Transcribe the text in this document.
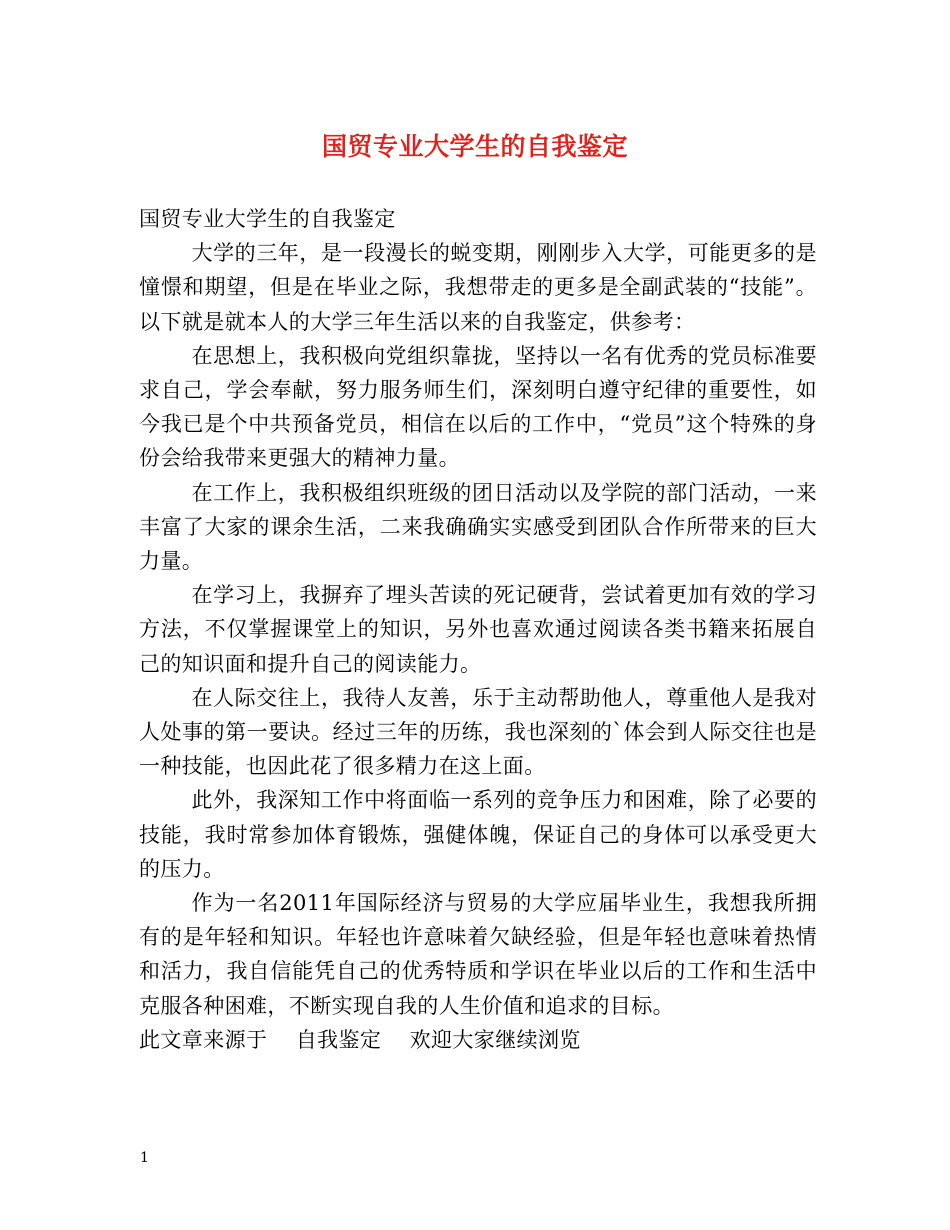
国贸专业大学生的自我鉴定

国贸专业大学生的自我鉴定

大学的三年，是一段漫长的蜕变期，刚刚步入大学，可能更多的是憧憬和期望，但是在毕业之际，我想带走的更多是全副武装的“技能”。以下就是就本人的大学三年生活以来的自我鉴定，供参考：

在思想上，我积极向党组织靠拢，坚持以一名有优秀的党员标准要求自己，学会奉献，努力服务师生们，深刻明白遵守纪律的重要性，如今我已是个中共预备党员，相信在以后的工作中，“党员”这个特殊的身份会给我带来更强大的精神力量。

在工作上，我积极组织班级的团日活动以及学院的部门活动，一来丰富了大家的课余生活，二来我确确实实感受到团队合作所带来的巨大力量。

在学习上，我摒弃了埋头苦读的死记硬背，尝试着更加有效的学习方法，不仅掌握课堂上的知识，另外也喜欢通过阅读各类书籍来拓展自己的知识面和提升自己的阅读能力。

在人际交往上，我待人友善，乐于主动帮助他人，尊重他人是我对人处事的第一要诀。经过三年的历练，我也深刻的`体会到人际交往也是一种技能，也因此花了很多精力在这上面。

此外，我深知工作中将面临一系列的竞争压力和困难，除了必要的技能，我时常参加体育锻炼，强健体魄，保证自己的身体可以承受更大的压力。

作为一名2011年国际经济与贸易的大学应届毕业生，我想我所拥有的是年轻和知识。年轻也许意味着欠缺经验，但是年轻也意味着热情和活力，我自信能凭自己的优秀特质和学识在毕业以后的工作和生活中克服各种困难，不断实现自我的人生价值和追求的目标。

此文章来源于    自我鉴定    欢迎大家继续浏览

1
